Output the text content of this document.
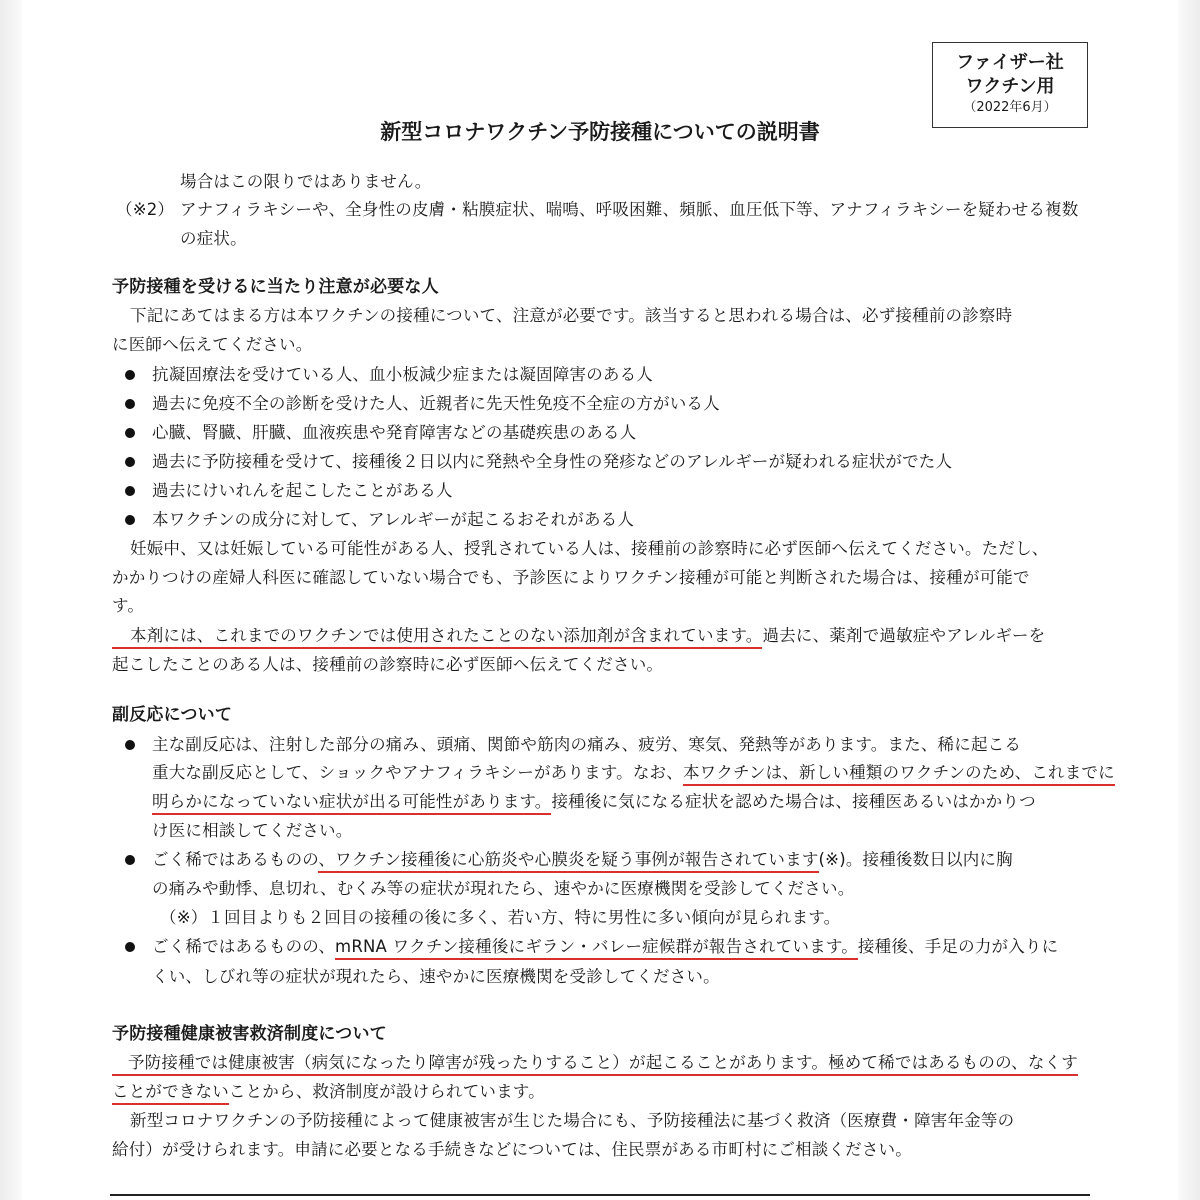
ファイザー社
ワクチン用
（2022年6月）
新型コロナワクチン予防接種についての説明書
場合はこの限りではありません。
（※2） アナフィラキシーや、全身性の皮膚・粘膜症状、喘鳴、呼吸困難、頻脈、血圧低下等、アナフィラキシーを疑わせる複数
の症状。
予防接種を受けるに当たり注意が必要な人
下記にあてはまる方は本ワクチンの接種について、注意が必要です。該当すると思われる場合は、必ず接種前の診察時
に医師へ伝えてください。
抗凝固療法を受けている人、血小板減少症または凝固障害のある人
過去に免疫不全の診断を受けた人、近親者に先天性免疫不全症の方がいる人
心臓、腎臓、肝臓、血液疾患や発育障害などの基礎疾患のある人
過去に予防接種を受けて、接種後２日以内に発熱や全身性の発疹などのアレルギーが疑われる症状がでた人
過去にけいれんを起こしたことがある人
本ワクチンの成分に対して、アレルギーが起こるおそれがある人
妊娠中、又は妊娠している可能性がある人、授乳されている人は、接種前の診察時に必ず医師へ伝えてください。ただし、
かかりつけの産婦人科医に確認していない場合でも、予診医によりワクチン接種が可能と判断された場合は、接種が可能で
す。
本剤には、これまでのワクチンでは使用されたことのない添加剤が含まれています。過去に、薬剤で過敏症やアレルギーを
起こしたことのある人は、接種前の診察時に必ず医師へ伝えてください。
副反応について
主な副反応は、注射した部分の痛み、頭痛、関節や筋肉の痛み、疲労、寒気、発熱等があります。また、稀に起こる
重大な副反応として、ショックやアナフィラキシーがあります。なお、本ワクチンは、新しい種類のワクチンのため、これまでに
明らかになっていない症状が出る可能性があります。接種後に気になる症状を認めた場合は、接種医あるいはかかりつ
け医に相談してください。
ごく稀ではあるものの、ワクチン接種後に心筋炎や心膜炎を疑う事例が報告されています(※)。接種後数日以内に胸
の痛みや動悸、息切れ、むくみ等の症状が現れたら、速やかに医療機関を受診してください。
（※）１回目よりも２回目の接種の後に多く、若い方、特に男性に多い傾向が見られます。
ごく稀ではあるものの、mRNA ワクチン接種後にギラン・バレー症候群が報告されています。接種後、手足の力が入りに
くい、しびれ等の症状が現れたら、速やかに医療機関を受診してください。
予防接種健康被害救済制度について
予防接種では健康被害（病気になったり障害が残ったりすること）が起こることがあります。極めて稀ではあるものの、なくす
ことができないことから、救済制度が設けられています。
新型コロナワクチンの予防接種によって健康被害が生じた場合にも、予防接種法に基づく救済（医療費・障害年金等の
給付）が受けられます。申請に必要となる手続きなどについては、住民票がある市町村にご相談ください。
